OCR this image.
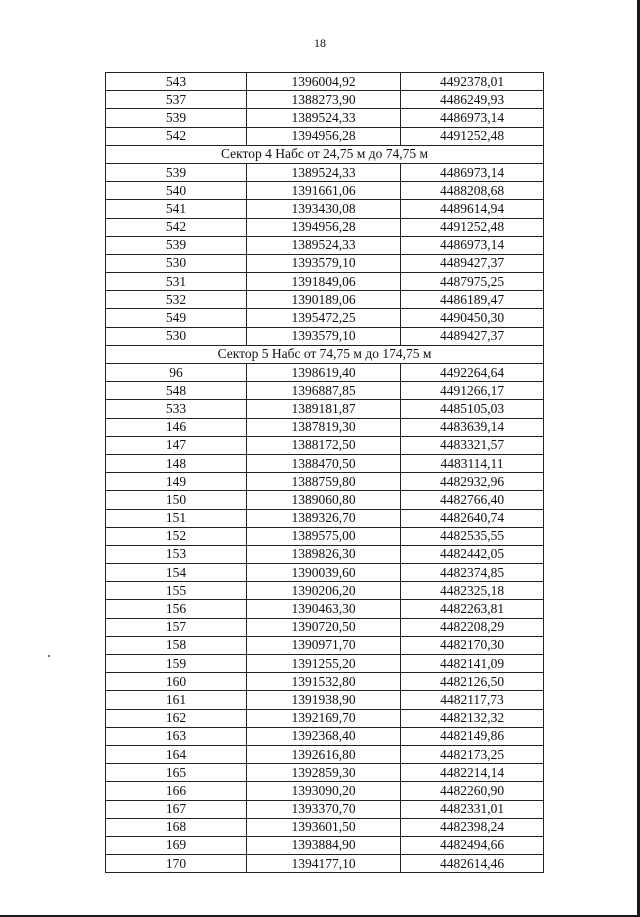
18
543	1396004,92	4492378,01
537	1388273,90	4486249,93
539	1389524,33	4486973,14
542	1394956,28	4491252,48
Сектор 4 Набс от 24,75 м до 74,75 м		
539	1389524,33	4486973,14
540	1391661,06	4488208,68
541	1393430,08	4489614,94
542	1394956,28	4491252,48
539	1389524,33	4486973,14
530	1393579,10	4489427,37
531	1391849,06	4487975,25
532	1390189,06	4486189,47
549	1395472,25	4490450,30
530	1393579,10	4489427,37
Сектор 5 Набс от 74,75 м до 174,75 м		
96	1398619,40	4492264,64
548	1396887,85	4491266,17
533	1389181,87	4485105,03
146	1387819,30	4483639,14
147	1388172,50	4483321,57
148	1388470,50	4483114,11
149	1388759,80	4482932,96
150	1389060,80	4482766,40
151	1389326,70	4482640,74
152	1389575,00	4482535,55
153	1389826,30	4482442,05
154	1390039,60	4482374,85
155	1390206,20	4482325,18
156	1390463,30	4482263,81
157	1390720,50	4482208,29
158	1390971,70	4482170,30
159	1391255,20	4482141,09
160	1391532,80	4482126,50
161	1391938,90	4482117,73
162	1392169,70	4482132,32
163	1392368,40	4482149,86
164	1392616,80	4482173,25
165	1392859,30	4482214,14
166	1393090,20	4482260,90
167	1393370,70	4482331,01
168	1393601,50	4482398,24
169	1393884,90	4482494,66
170	1394177,10	4482614,46
